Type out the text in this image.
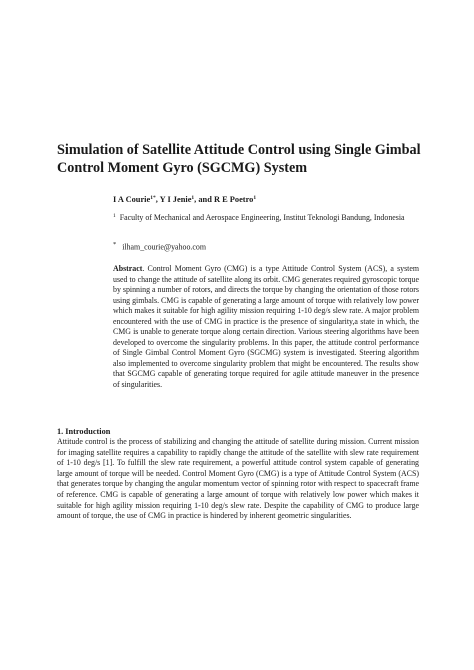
Simulation of Satellite Attitude Control using Single Gimbal Control Moment Gyro (SGCMG) System

I A Courie$^{1*}$, Y I Jenie$^1$, and R E Poetro$^1$

$^1$ Faculty of Mechanical and Aerospace Engineering, Institut Teknologi Bandung, Indonesia

* ilham_courie@yahoo.com

Abstract. Control Moment Gyro (CMG) is a type Attitude Control System (ACS), a system used to change the attitude of satellite along its orbit. CMG generates required gyroscopic torque by spinning a number of rotors, and directs the torque by changing the orientation of those rotors using gimbals. CMG is capable of generating a large amount of torque with relatively low power which makes it suitable for high agility mission requiring 1-10 deg/s slew rate. A major problem encountered with the use of CMG in practice is the presence of singularity,a state in which, the CMG is unable to generate torque along certain direction. Various steering algorithms have been developed to overcome the singularity problems. In this paper, the attitude control performance of Single Gimbal Control Moment Gyro (SGCMG) system is investigated. Steering algorithm also implemented to overcome singularity problem that might be encountered. The results show that SGCMG capable of generating torque required for agile attitude maneuver in the presence of singularities.

1. Introduction

Attitude control is the process of stabilizing and changing the attitude of satellite during mission. Current mission for imaging satellite requires a capability to rapidly change the attitude of the satellite with slew rate requirement of 1-10 deg/s [1]. To fulfill the slew rate requirement, a powerful attitude control system capable of generating large amount of torque will be needed. Control Moment Gyro (CMG) is a type of Attitude Control System (ACS) that generates torque by changing the angular momentum vector of spinning rotor with respect to spacecraft frame of reference. CMG is capable of generating a large amount of torque with relatively low power which makes it suitable for high agility mission requiring 1-10 deg/s slew rate. Despite the capability of CMG to produce large amount of torque, the use of CMG in practice is hindered by inherent geometric singularities.
